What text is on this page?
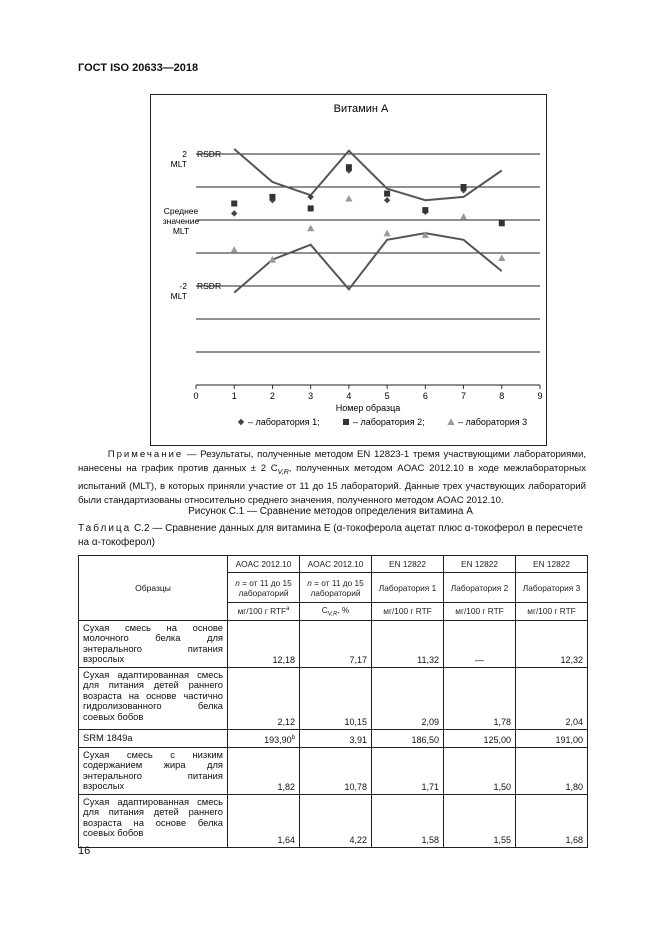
ГОСТ ISO 20633—2018
Витамин А
0	1	2	3	4	5	6	7	8	9
Номер образца
2 MLT
RSDR
Среднее значение MLT
-2 MLT
RSDR
– лаборатория 1;	– лаборатория 2;	– лаборатория 3
Примечание — Результаты, полученные методом EN 12823-1 тремя участвующими лабораториями, нанесены на график против данных ± 2 $C_{V,R}$, полученных методом AOAC 2012.10 в ходе межлабораторных испытаний (MLT), в которых приняли участие от 11 до 15 лабораторий. Данные трех участвующих лабораторий были стандартизованы относительно среднего значения, полученного методом AOAC 2012.10.
Рисунок С.1 — Сравнение методов определения витамина А
Таблица С.2 — Сравнение данных для витамина Е (α-токоферола ацетат плюс α-токоферол в пересчете на α-токоферол)
Образцы	AOAC 2012.10	AOAC 2012.10	EN 12822	EN 12822	EN 12822
	n = от 11 до 15 лабораторий	n = от 11 до 15 лабораторий	Лаборатория 1	Лаборатория 2	Лаборатория 3
	мг/100 г RTF$^a$	$C_{V,R}$, %	мг/100 г RTF	мг/100 г RTF	мг/100 г RTF
Сухая смесь на основе молочного белка для энтерального питания взрослых	12,18	7,17	11,32	—	12,32
Сухая адаптированная смесь для питания детей раннего возраста на основе частично гидролизованного белка соевых бобов	2,12	10,15	2,09	1,78	2,04
SRM 1849a	193,90$^b$	3,91	186,50	125,00	191,00
Сухая смесь с низким содержанием жира для энтерального питания взрослых	1,82	10,78	1,71	1,50	1,80
Сухая адаптированная смесь для питания детей раннего возраста на основе белка соевых бобов	1,64	4,22	1,58	1,55	1,68
16
